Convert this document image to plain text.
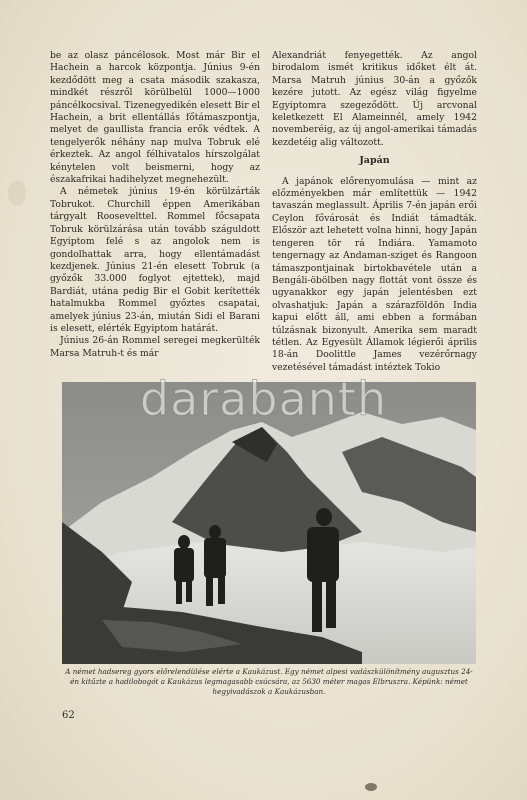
be az olasz páncélosok. Most már Bir el Hachein a harcok központja. Június 9-én kezdődött meg a csata második szakasza, mindkét részről körülbelül 1000—1000 páncélkocsival. Tizenegyedikén elesett Bir el Hachein, a brit ellentállás főtámaszpontja, melyet de gaullista francia erők védtek. A tengelyerők néhány nap mulva Tobruk elé érkeztek. Az angol félhivatalos hírszolgálat kénytelen volt beismerni, hogy az északafrikai hadihelyzet megnehezült.

A németek június 19-én körülzárták Tobrukot. Churchill éppen Amerikában tárgyalt Roosevelttel. Rommel főcsapata Tobruk körülzárása után tovább száguldott Egyiptom felé s az angolok nem is gondolhattak arra, hogy ellentámadást kezdjenek. Június 21-én elesett Tobruk (a győzők 33.000 foglyot ejtettek), majd Bardiát, utána pedig Bir el Gobit kerítették hatalmukba Rommel győztes csapatai, amelyek június 23-án, miután Sidi el Barani is elesett, elérték Egyiptom határát.

Június 26-án Rommel seregei megkerülték Marsa Matruh-t és már

Alexandriát fenyegették. Az angol birodalom ismét kritikus időket élt át. Marsa Matruh június 30-án a győzők kezére jutott. Az egész világ figyelme Egyiptomra szegeződött. Új arcvonal keletkezett El Alameinnél, amely 1942 novemberéig, az új angol-amerikai támadás kezdetéig alig változott.

Japán

A japánok előrenyomulása — mint az előzményekben már említettük — 1942 tavaszán meglassult. Április 7-én japán erői Ceylon fővárosát és Indiát támadták. Először azt lehetett volna hinni, hogy Japán tengeren tör rá Indiára. Yamamoto tengernagy az Andaman-sziget és Rangoon támaszpontjainak birtokbavétele után a Bengáli-öbölben nagy flottát vont össze és ugyanakkor egy japán jelentésben ezt olvashatjuk: Japán a szárazföldön India kapui előtt áll, ami ebben a formában túlzásnak bizonyult. Amerika sem maradt tétlen. Az Egyesült Államok légierői április 18-án Doolittle James vezérőrnagy vezetésével támadást intéztek Tokio

darabanth
A német hadsereg gyors előrelendülése elérte a Kaukázust. Egy német alpesi vadászkülönítmény augusztus 24-én kitűzte a hadilobogót a Kaukázus legmagasabb csúcsára, az 5630 méter magas Elbruszra. Képünk: német hegyivadászok a Kaukázusban.
62
